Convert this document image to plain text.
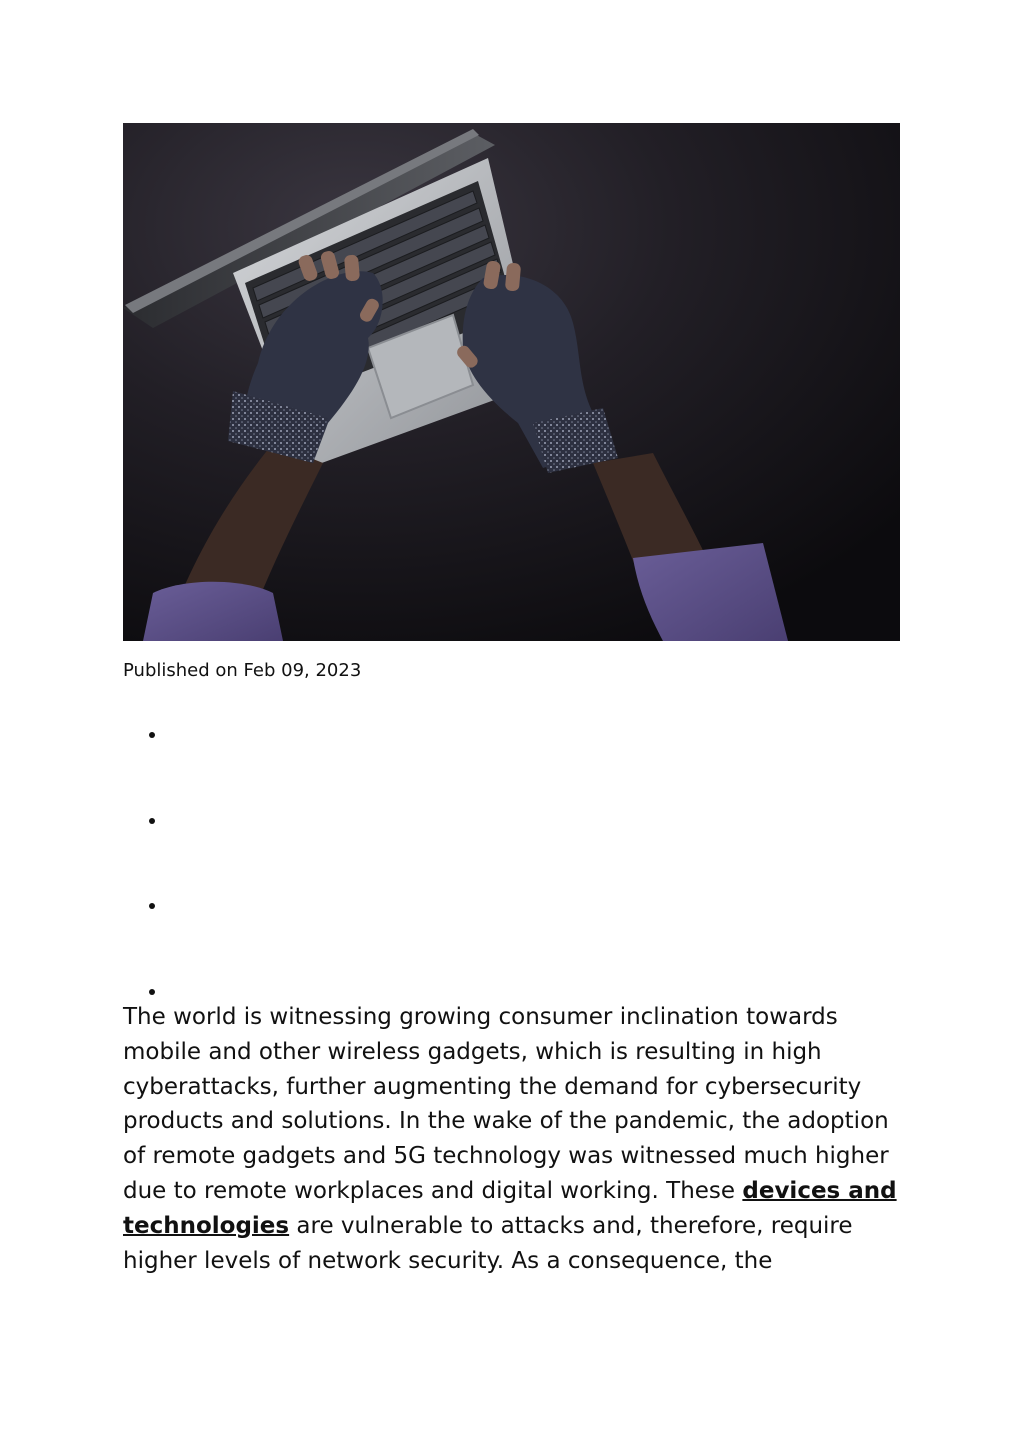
Published on Feb 09, 2023

The world is witnessing growing consumer inclination towards mobile and other wireless gadgets, which is resulting in high cyberattacks, further augmenting the demand for cybersecurity products and solutions. In the wake of the pandemic, the adoption of remote gadgets and 5G technology was witnessed much higher due to remote workplaces and digital working. These devices and technologies are vulnerable to attacks and, therefore, require higher levels of network security. As a consequence, the
